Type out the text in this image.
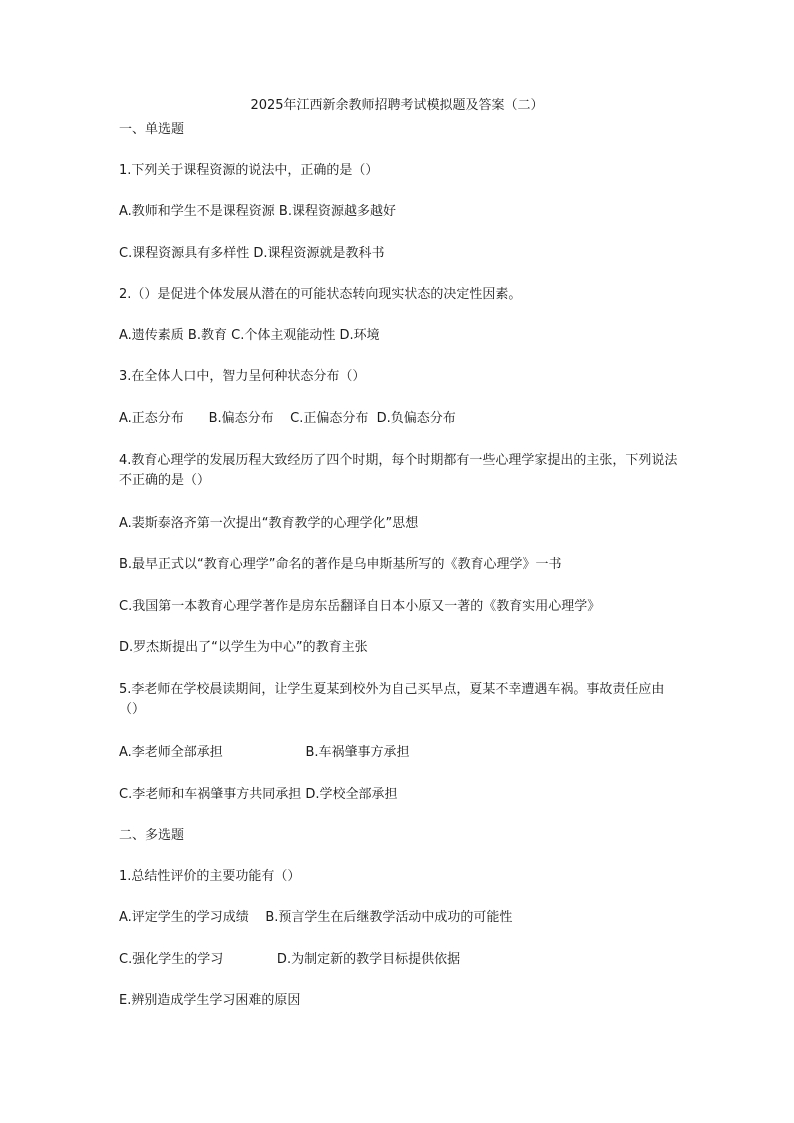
2025年江西新余教师招聘考试模拟题及答案（二）
一、单选题
1.下列关于课程资源的说法中，正确的是（）
A.教师和学生不是课程资源 B.课程资源越多越好
C.课程资源具有多样性 D.课程资源就是教科书
2.（）是促进个体发展从潜在的可能状态转向现实状态的决定性因素。
A.遗传素质 B.教育 C.个体主观能动性 D.环境
3.在全体人口中，智力呈何种状态分布（）
A.正态分布      B.偏态分布    C.正偏态分布  D.负偏态分布
4.教育心理学的发展历程大致经历了四个时期，每个时期都有一些心理学家提出的主张，下列说法不正确的是（）
A.裴斯泰洛齐第一次提出“教育教学的心理学化”思想
B.最早正式以“教育心理学”命名的著作是乌申斯基所写的《教育心理学》一书
C.我国第一本教育心理学著作是房东岳翻译自日本小原又一著的《教育实用心理学》
D.罗杰斯提出了“以学生为中心”的教育主张
5.李老师在学校晨读期间，让学生夏某到校外为自己买早点，夏某不幸遭遇车祸。事故责任应由（）
A.李老师全部承担                    B.车祸肇事方承担
C.李老师和车祸肇事方共同承担 D.学校全部承担
二、多选题
1.总结性评价的主要功能有（）
A.评定学生的学习成绩    B.预言学生在后继教学活动中成功的可能性
C.强化学生的学习             D.为制定新的教学目标提供依据
E.辨别造成学生学习困难的原因
